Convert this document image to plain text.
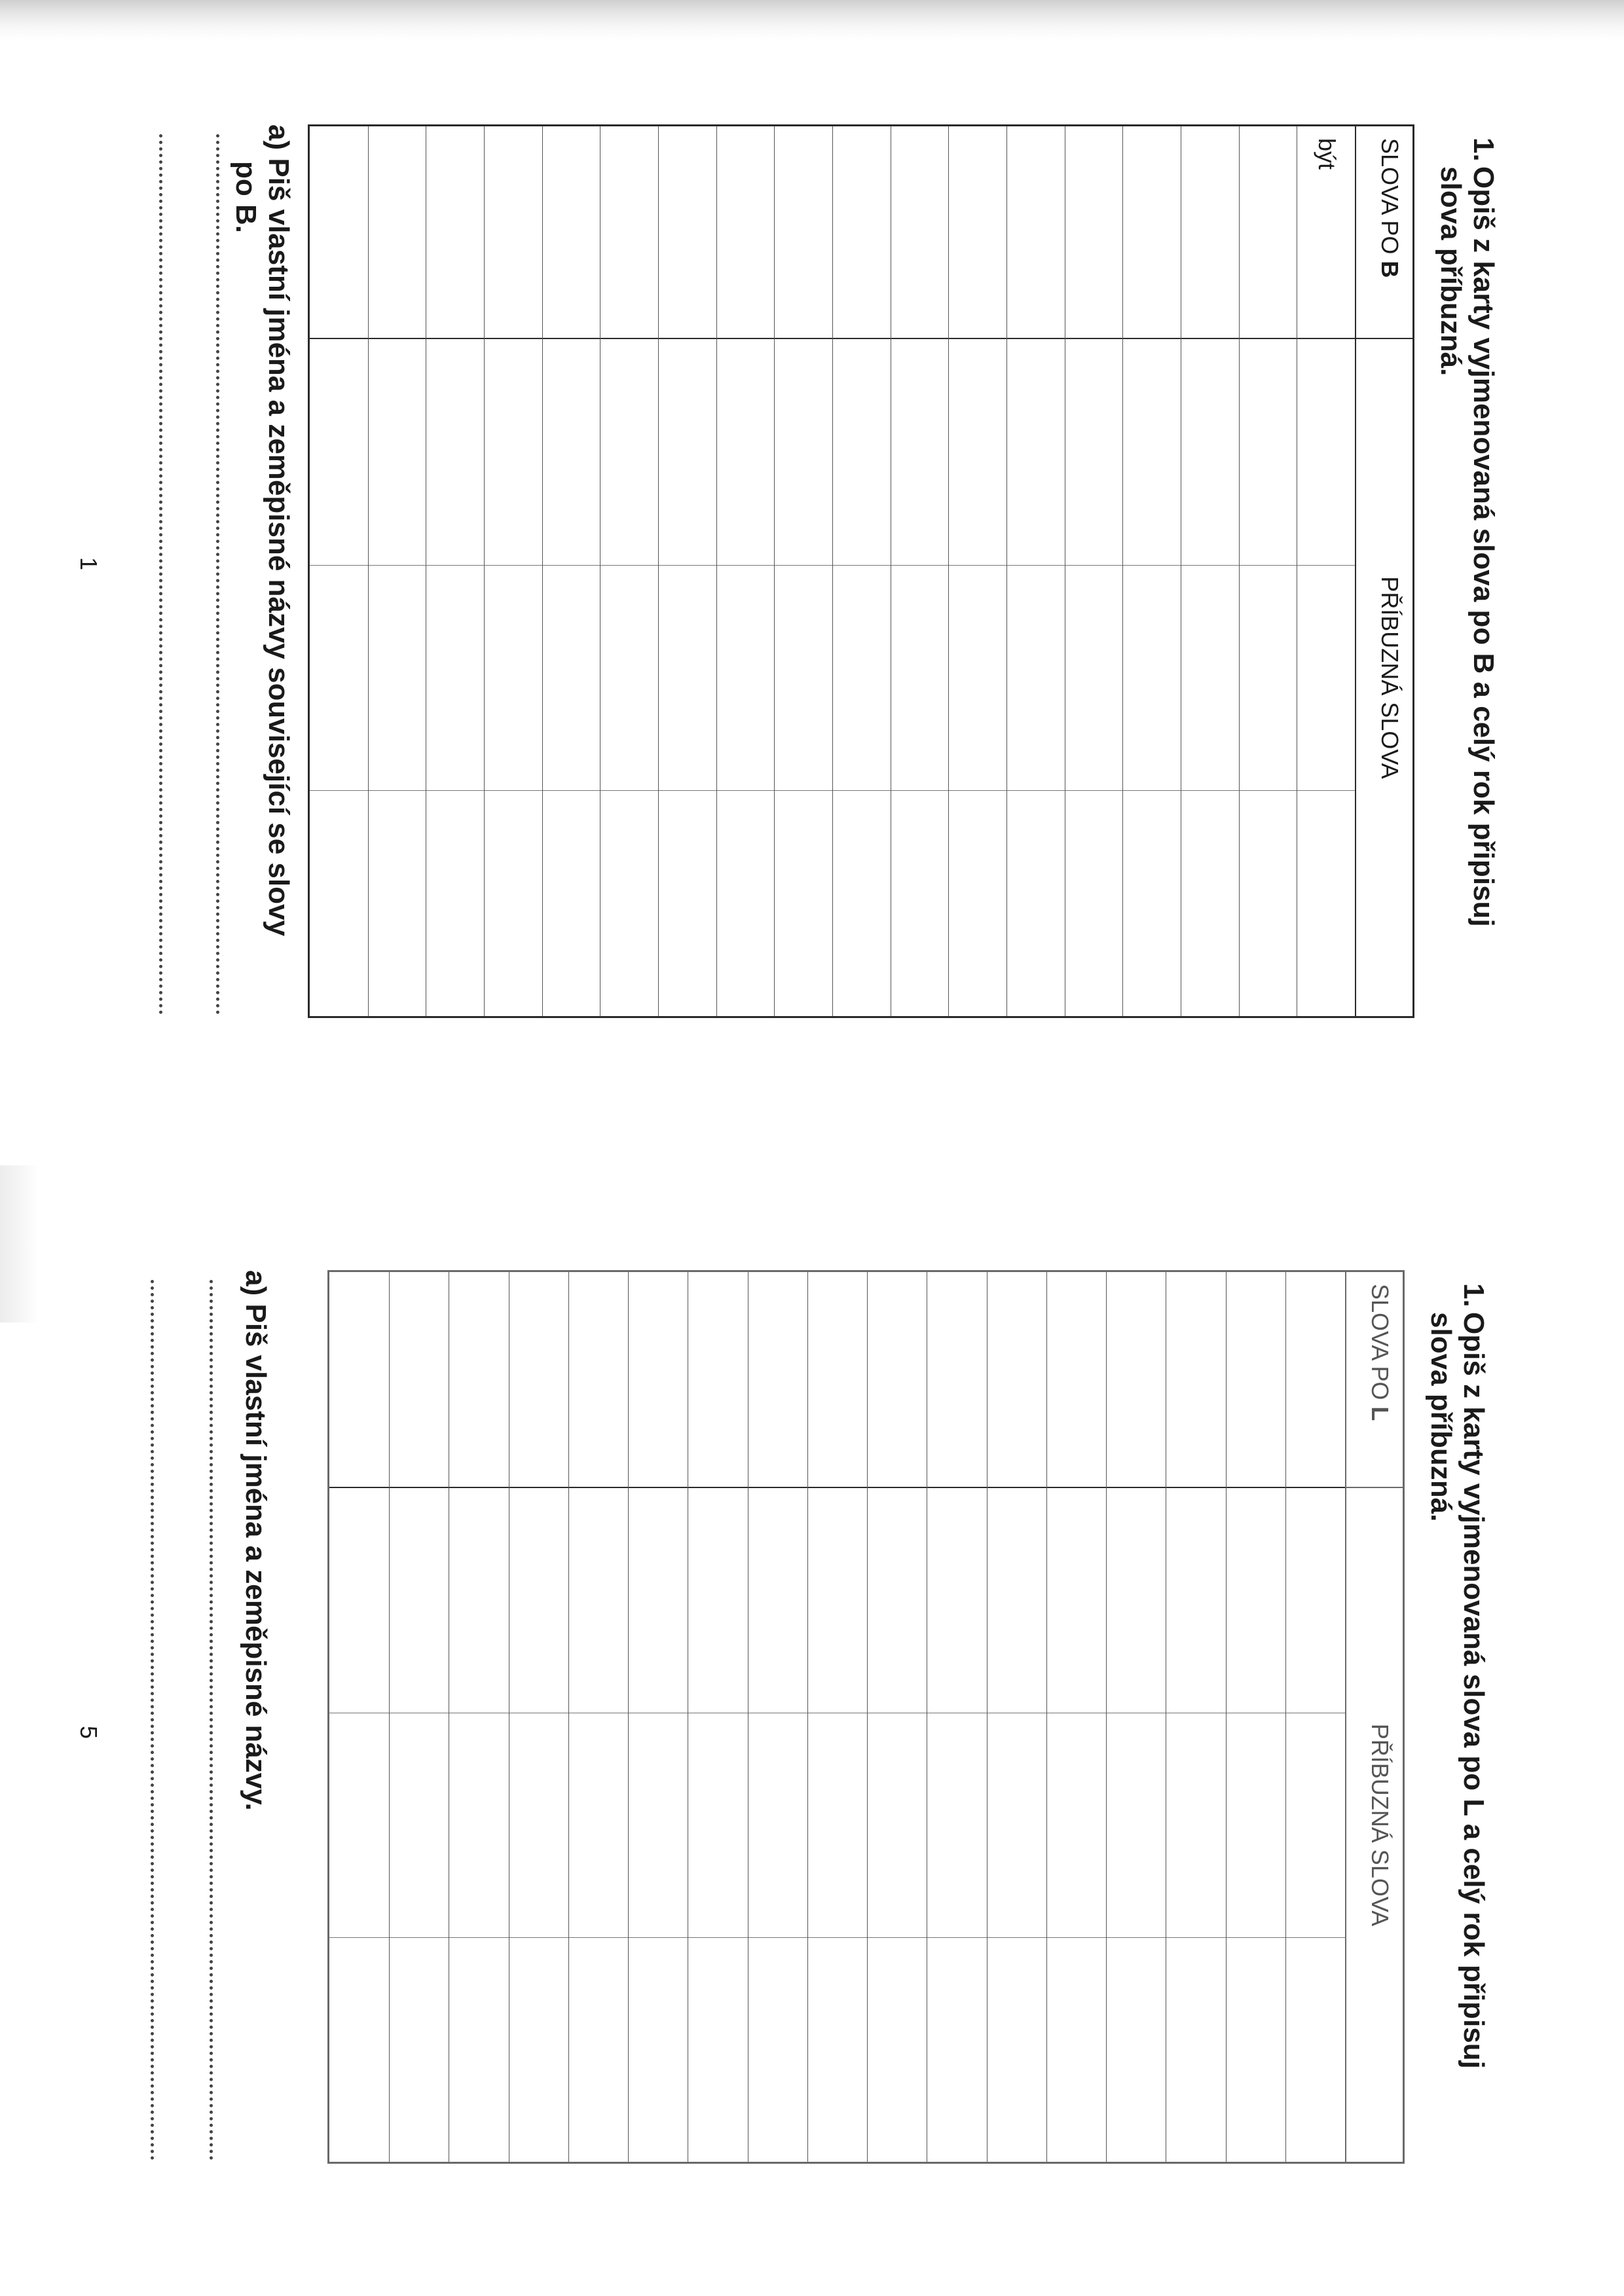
1.Opiš z karty vyjmenovaná slova po B a celý rok připisuj
slova příbuzná.
SLOVA PO B
PŘÍBUZNÁ SLOVA
být
a) Piš vlastní jména a zeměpisné názvy související se slovy
po B.
1
1.Opiš z karty vyjmenovaná slova po L a celý rok připisuj
slova příbuzná.
SLOVA PO L
PŘÍBUZNÁ SLOVA
a) Piš vlastní jména a zeměpisné názvy.
5
